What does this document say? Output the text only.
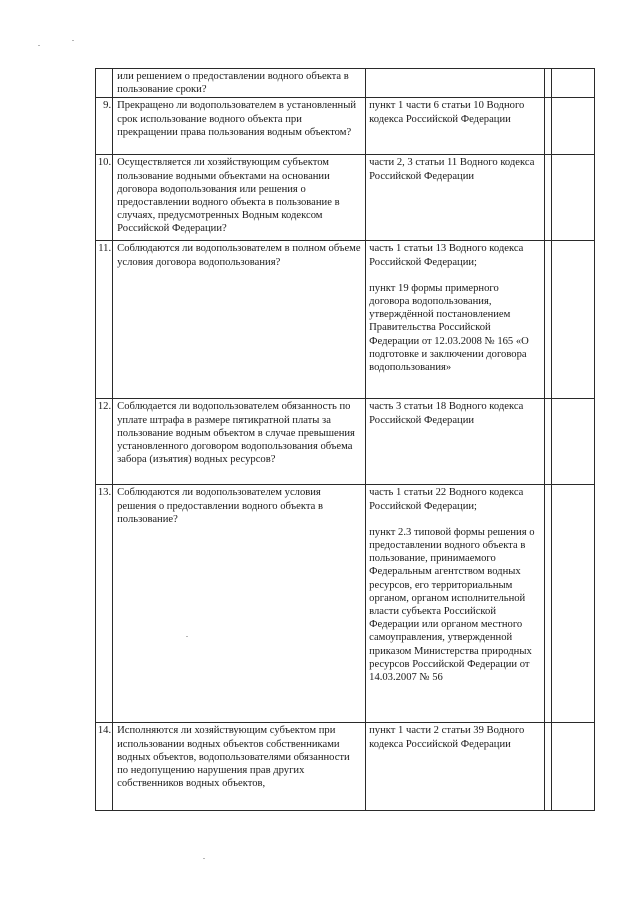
	или решением о предоставлении водного объекта в пользование сроки?	

9.	Прекращено ли водопользователем в установленный срок использование водного объекта при прекращении права пользования водным объектом?	пункт 1 части 6 статьи 10 Водного кодекса Российской Федерации		

10.	Осуществляется ли хозяйствующим субъектом пользование водными объектами на основании договора водопользования или решения о предоставлении водного объекта в пользование в случаях, предусмотренных Водным кодексом Российской Федерации?	части 2, 3 статьи 11 Водного кодекса Российской Федерации		

11.	Соблюдаются ли водопользователем в полном объеме условия договора водопользования?	часть 1 статьи 13 Водного кодекса Российской Федерации;
пункт 19 формы примерного договора водопользования, утверждённой постановлением Правительства Российской Федерации от 12.03.2008 № 165 «О подготовке и заключении договора водопользования»		

12.	Соблюдается ли водопользователем обязанность по уплате штрафа в размере пятикратной платы за пользование водным объектом в случае превышения установленного договором водопользования объема забора (изъятия) водных ресурсов?	часть 3 статьи 18 Водного кодекса Российской Федерации		

13.	Соблюдаются ли водопользователем условия решения о предоставлении водного объекта в пользование?	часть 1 статьи 22 Водного кодекса Российской Федерации;
пункт 2.3 типовой формы решения о предоставлении водного объекта в пользование, принимаемого Федеральным агентством водных ресурсов, его территориальным органом, органом исполнительной власти субъекта Российской Федерации или органом местного самоуправления, утвержденной приказом Министерства природных ресурсов Российской Федерации от 14.03.2007 № 56		

14.	Исполняются ли хозяйствующим субъектом при использовании водных объектов собственниками водных объектов, водопользователями обязанности по недопущению нарушения прав других собственников водных объектов,	пункт 1 части 2 статьи 39 Водного кодекса Российской Федерации		
